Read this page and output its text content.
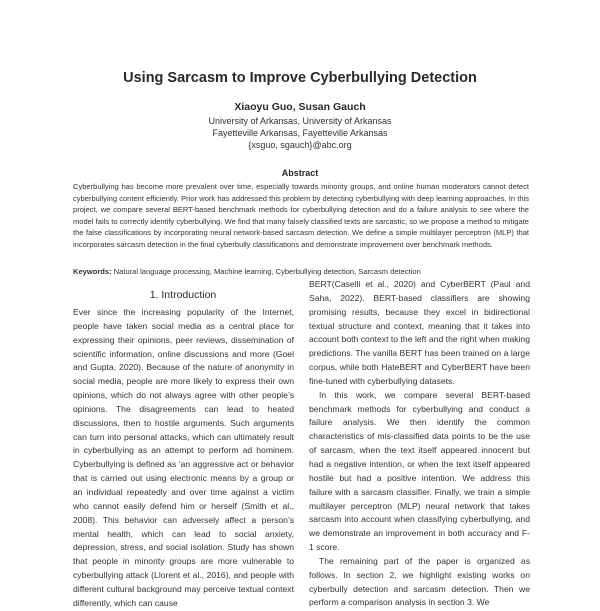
Using Sarcasm to Improve Cyberbullying Detection
Xiaoyu Guo, Susan Gauch
University of Arkansas, University of Arkansas
Fayetteville Arkansas, Fayetteville Arkansas
{xsguo, sgauch}@abc.org
Abstract
Cyberbullying has become more prevalent over time, especially towards minority groups, and online human moderators cannot detect cyberbullying content efficiently. Prior work has addressed this problem by detecting cyberbullying with deep learning approaches. In this project, we compare several BERT-based benchmark methods for cyberbullying detection and do a failure analysis to see where the model fails to correctly identify cyberbullying. We find that many falsely classified texts are sarcastic, so we propose a method to mitigate the false classifications by incorporating neural network-based sarcasm detection. We define a simple multilayer perceptron (MLP) that incorporates sarcasm detection in the final cyberbully classifications and demonstrate improvement over benchmark methods.
Keywords: Natural language processing, Machine learning, Cyberbullying detection, Sarcasm detection
1. Introduction

Ever since the increasing popularity of the Internet, people have taken social media as a central place for expressing their opinions, peer reviews, dissemination of scientific information, online discussions and more (Goel and Gupta, 2020). Because of the nature of anonymity in social media, people are more likely to express their own opinions, which do not always agree with other people’s opinions. The disagreements can lead to heated discussions, then to hostile arguments. Such arguments can turn into personal attacks, which can ultimately result in cyberbullying as an attempt to perform ad hominem. Cyberbullying is defined as ‘an aggressive act or behavior that is carried out using electronic means by a group or an individual repeatedly and over time against a victim who cannot easily defend him or herself (Smith et al., 2008). This behavior can adversely affect a person’s mental health, which can lead to social anxiety, depression, stress, and social isolation. Study has shown that people in minority groups are more vulnerable to cyberbullying attack (Llorent et al., 2016), and people with different cultural background may perceive textual context differently, which can cause

BERT(Caselli et al., 2020) and CyberBERT (Paul and Saha, 2022). BERT-based classifiers are showing promising results, because they excel in bidirectional textual structure and context, meaning that it takes into account both context to the left and the right when making predictions. The vanilla BERT has been trained on a large corpus, while both HateBERT and CyberBERT have been fine-tuned with cyberbullying datasets.

In this work, we compare several BERT-based benchmark methods for cyberbullying and conduct a failure analysis. We then identify the common characteristics of mis-classified data points to be the use of sarcasm, when the text itself appeared innocent but had a negative intention, or when the text itself appeared hostile but had a positive intention. We address this failure with a sarcasm classifier. Finally, we train a simple multilayer perceptron (MLP) neural network that takes sarcasm into account when classifying cyberbullying, and we demonstrate an improvement in both accuracy and F-1 score.

The remaining part of the paper is organized as follows. In section 2, we highlight existing works on cyberbully detection and sarcasm detection. Then we perform a comparison analysis in section 3. We
